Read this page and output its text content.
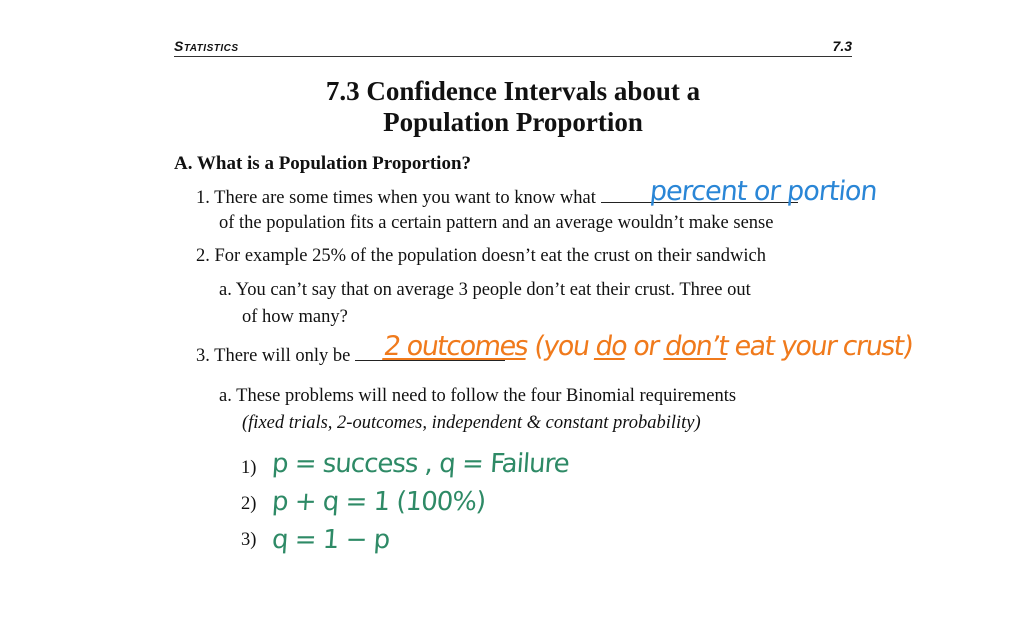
Statistics	7.3
7.3 Confidence Intervals about a
Population Proportion
A. What is a Population Proportion?
1. There are some times when you want to know what	percent or portion
of the population fits a certain pattern and an average wouldn’t make sense
2. For example 25% of the population doesn’t eat the crust on their sandwich
a. You can’t say that on average 3 people don’t eat their crust. Three out
of how many?
3. There will only be	2 outcomes (you do or don’t eat your crust)
a. These problems will need to follow the four Binomial requirements
(fixed trials, 2-outcomes, independent & constant probability)
1) p = success , q = Failure
2) p + q = 1 (100%)
3) q = 1 − p
